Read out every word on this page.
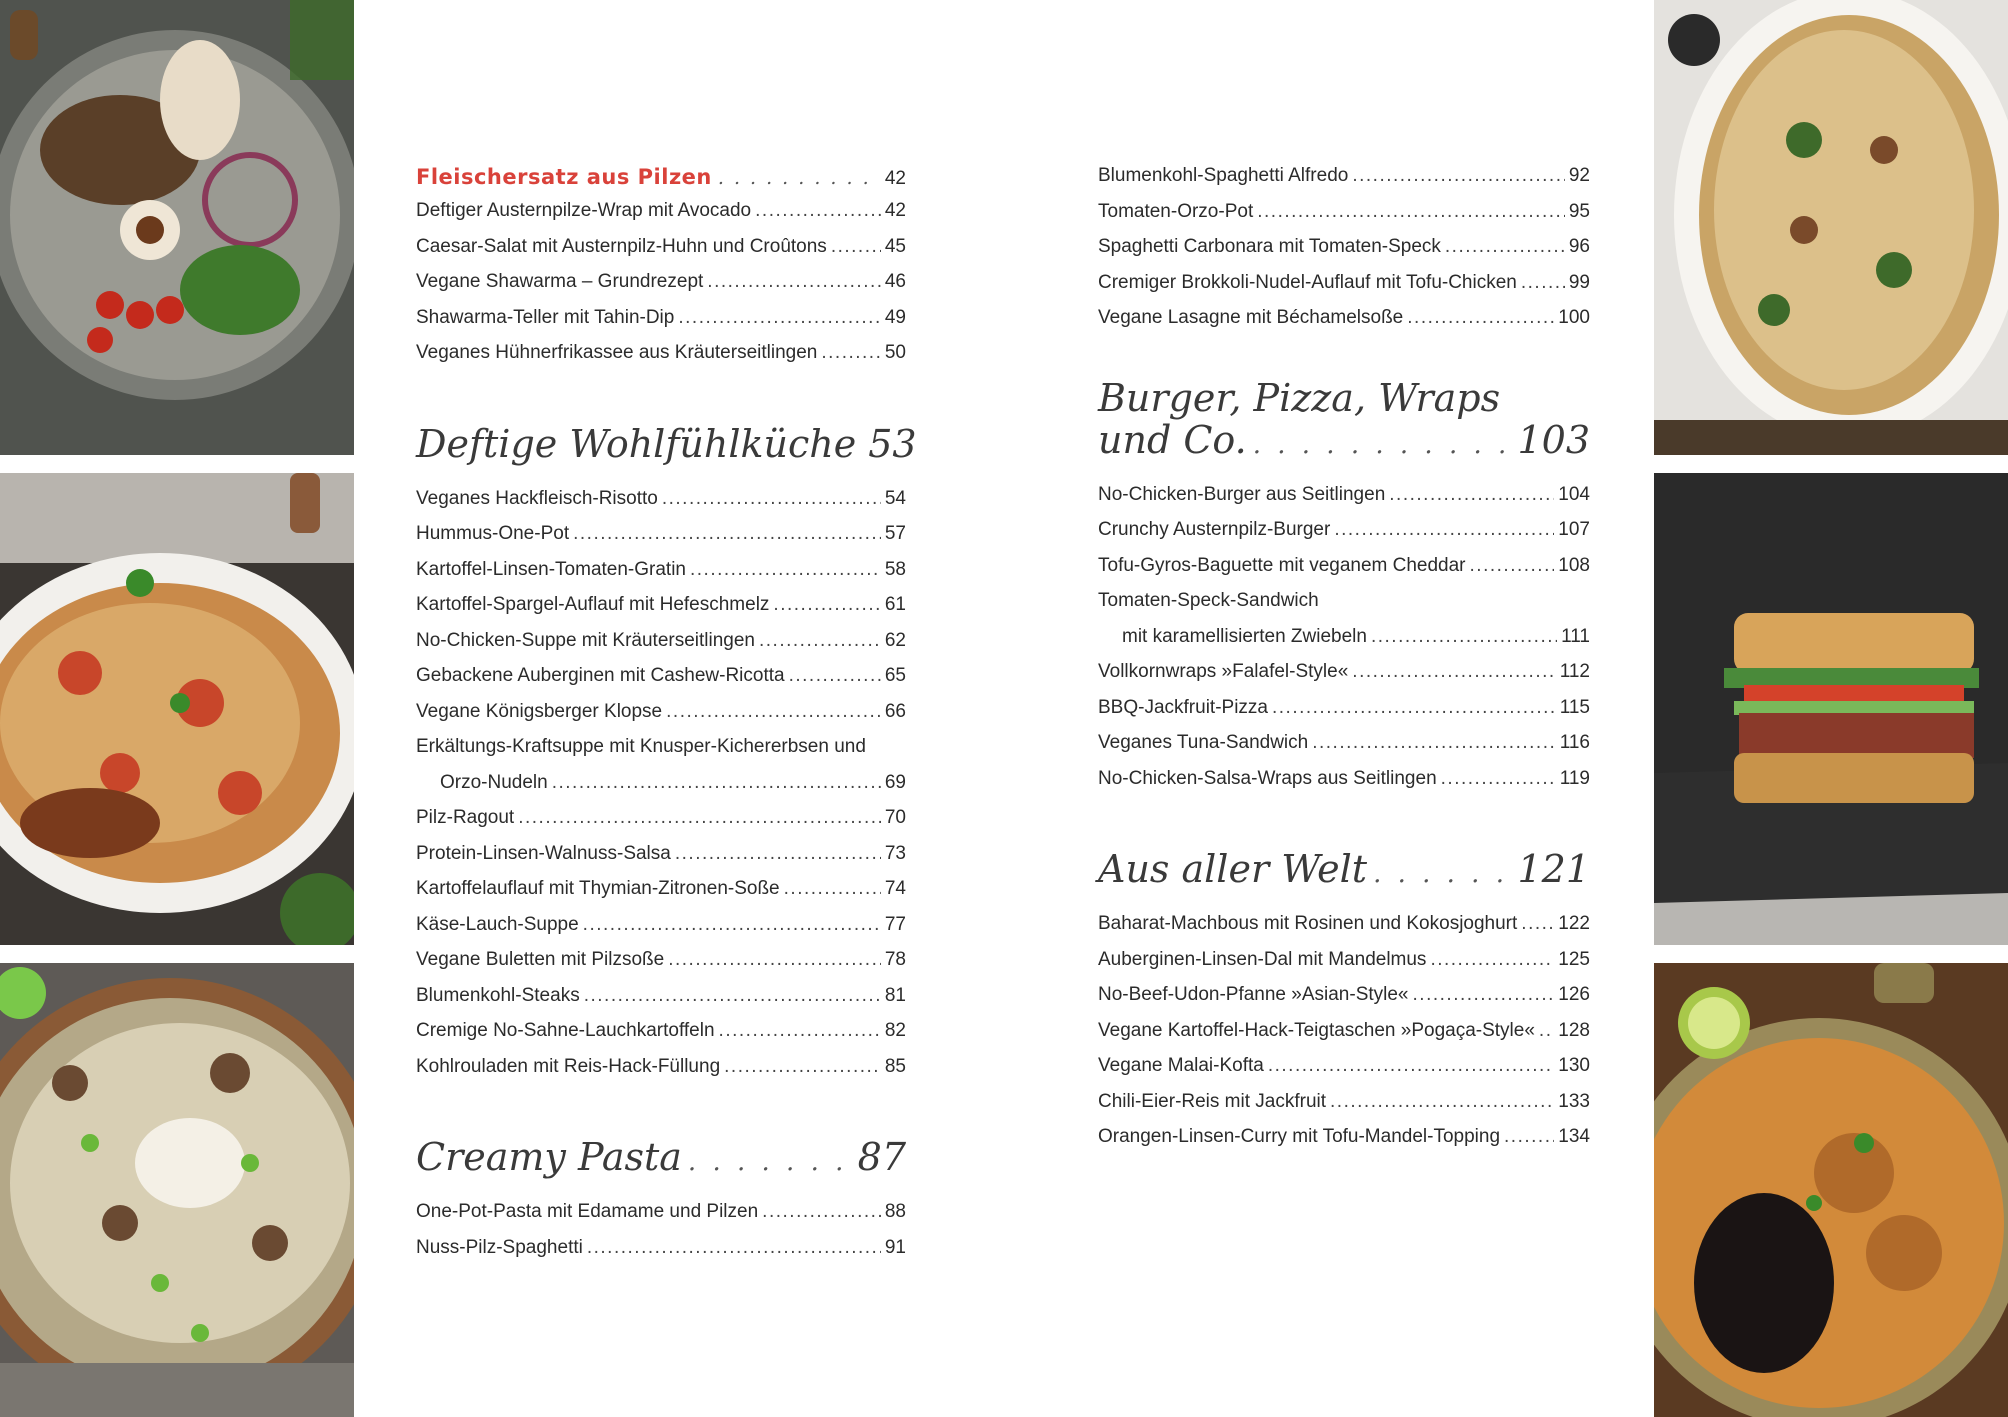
Fleischersatz aus Pilzen . . .	42
Deftiger Austernpilze-Wrap mit Avocado .....	42
Caesar-Salat mit Austernpilz-Huhn und Croûtons .....	45
Vegane Shawarma – Grundrezept .....	46
Shawarma-Teller mit Tahin-Dip .....	49
Veganes Hühnerfrikassee aus Kräuterseitlingen .....	50
Deftige Wohlfühlküche 53
Veganes Hackfleisch-Risotto .....	54
Hummus-One-Pot .....	57
Kartoffel-Linsen-Tomaten-Gratin .....	58
Kartoffel-Spargel-Auflauf mit Hefeschmelz .....	61
No-Chicken-Suppe mit Kräuterseitlingen .....	62
Gebackene Auberginen mit Cashew-Ricotta .....	65
Vegane Königsberger Klopse .....	66
Erkältungs-Kraftsuppe mit Knusper-Kichererbsen und
Orzo-Nudeln .....	69
Pilz-Ragout .....	70
Protein-Linsen-Walnuss-Salsa .....	73
Kartoffelauflauf mit Thymian-Zitronen-Soße .....	74
Käse-Lauch-Suppe .....	77
Vegane Buletten mit Pilzsoße .....	78
Blumenkohl-Steaks .....	81
Cremige No-Sahne-Lauchkartoffeln .....	82
Kohlrouladen mit Reis-Hack-Füllung .....	85
Creamy Pasta . . .	87
One-Pot-Pasta mit Edamame und Pilzen .....	88
Nuss-Pilz-Spaghetti .....	91
Blumenkohl-Spaghetti Alfredo .....	92
Tomaten-Orzo-Pot .....	95
Spaghetti Carbonara mit Tomaten-Speck .....	96
Cremiger Brokkoli-Nudel-Auflauf mit Tofu-Chicken .....	99
Vegane Lasagne mit Béchamelsoße .....	100
Burger, Pizza, Wraps
und Co. . . .	103
No-Chicken-Burger aus Seitlingen .....	104
Crunchy Austernpilz-Burger .....	107
Tofu-Gyros-Baguette mit veganem Cheddar .....	108
Tomaten-Speck-Sandwich
mit karamellisierten Zwiebeln .....	111
Vollkornwraps »Falafel-Style« .....	112
BBQ-Jackfruit-Pizza .....	115
Veganes Tuna-Sandwich .....	116
No-Chicken-Salsa-Wraps aus Seitlingen .....	119
Aus aller Welt . . .	121
Baharat-Machbous mit Rosinen und Kokosjoghurt ..... 122
Auberginen-Linsen-Dal mit Mandelmus .....	125
No-Beef-Udon-Pfanne »Asian-Style« .....	126
Vegane Kartoffel-Hack-Teigtaschen »Pogaça-Style« ..... 128
Vegane Malai-Kofta .....	130
Chili-Eier-Reis mit Jackfruit .....	133
Orangen-Linsen-Curry mit Tofu-Mandel-Topping .....	134
